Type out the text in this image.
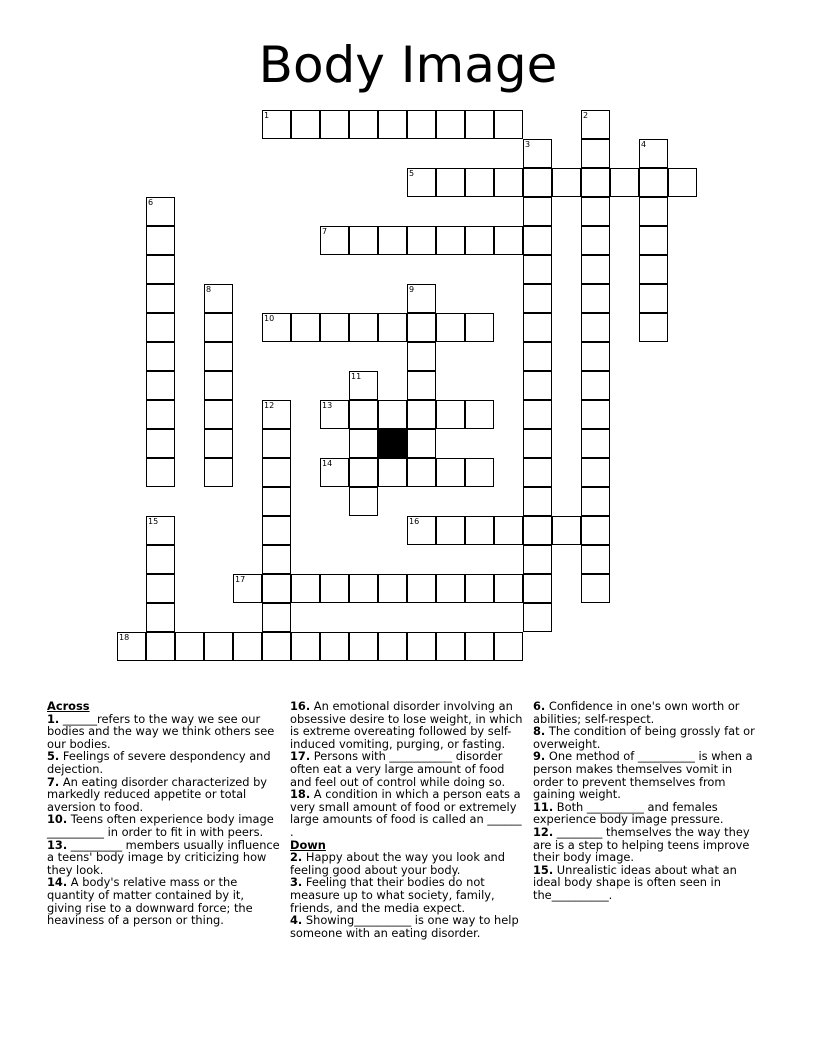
Body Image
1	2
3	4
5
6
7
8	9
10
11
12	13
14
15	16
17
18
Across
1. ______refers to the way we see our bodies and the way we think others see our bodies.
5. Feelings of severe despondency and dejection.
7. An eating disorder characterized by markedly reduced appetite or total aversion to food.
10. Teens often experience body image __________ in order to fit in with peers.
13. _________ members usually influence a teens' body image by criticizing how they look.
14. A body's relative mass or the quantity of matter contained by it, giving rise to a downward force; the heaviness of a person or thing.
16. An emotional disorder involving an obsessive desire to lose weight, in which is extreme overeating followed by self-induced vomiting, purging, or fasting.
17. Persons with ___________ disorder often eat a very large amount of food and feel out of control while doing so.
18. A condition in which a person eats a very small amount of food or extremely large amounts of food is called an ______ .
Down
2. Happy about the way you look and feeling good about your body.
3. Feeling that their bodies do not measure up to what society, family, friends, and the media expect.
4. Showing__________ is one way to help someone with an eating disorder.
6. Confidence in one's own worth or abilities; self-respect.
8. The condition of being grossly fat or overweight.
9. One method of __________ is when a person makes themselves vomit in order to prevent themselves from gaining weight.
11. Both __________ and females experience body image pressure.
12. ________ themselves the way they are is a step to helping teens improve their body image.
15. Unrealistic ideas about what an ideal body shape is often seen in the__________.
